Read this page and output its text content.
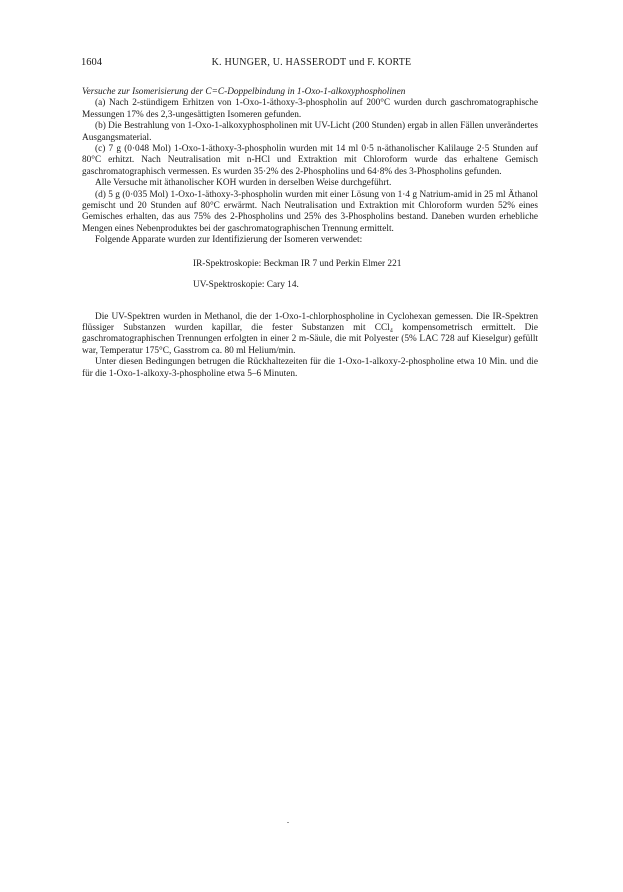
1604	K. HUNGER, U. HASSERODT und F. KORTE

Versuche zur Isomerisierung der C=C-Doppelbindung in 1-Oxo-1-alkoxyphospholinen

(a) Nach 2-stündigem Erhitzen von 1-Oxo-1-äthoxy-3-phospholin auf 200°C wurden durch gaschromatographische Messungen 17% des 2,3-ungesättigten Isomeren gefunden.

(b) Die Bestrahlung von 1-Oxo-1-alkoxyphospholinen mit UV-Licht (200 Stunden) ergab in allen Fällen unverändertes Ausgangsmaterial.

(c) 7 g (0·048 Mol) 1-Oxo-1-äthoxy-3-phospholin wurden mit 14 ml 0·5 n-äthanolischer Kalilauge 2·5 Stunden auf 80°C erhitzt. Nach Neutralisation mit n-HCl und Extraktion mit Chloroform wurde das erhaltene Gemisch gaschromatographisch vermessen. Es wurden 35·2% des 2-Phospholins und 64·8% des 3-Phospholins gefunden.

Alle Versuche mit äthanolischer KOH wurden in derselben Weise durchgeführt.

(d) 5 g (0·035 Mol) 1-Oxo-1-äthoxy-3-phospholin wurden mit einer Lösung von 1·4 g Natrium-amid in 25 ml Äthanol gemischt und 20 Stunden auf 80°C erwärmt. Nach Neutralisation und Extraktion mit Chloroform wurden 52% eines Gemisches erhalten, das aus 75% des 2-Phospholins und 25% des 3-Phospholins bestand. Daneben wurden erhebliche Mengen eines Nebenproduktes bei der gaschromatographischen Trennung ermittelt.

Folgende Apparate wurden zur Identifizierung der Isomeren verwendet:

IR-Spektroskopie: Beckman IR 7 und Perkin Elmer 221
UV-Spektroskopie: Cary 14.

Die UV-Spektren wurden in Methanol, die der 1-Oxo-1-chlorphospholine in Cyclohexan gemessen. Die IR-Spektren flüssiger Substanzen wurden kapillar, die fester Substanzen mit CCl₄ kompensometrisch ermittelt. Die gaschromatographischen Trennungen erfolgten in einer 2 m-Säule, die mit Polyester (5% LAC 728 auf Kieselgur) gefüllt war, Temperatur 175°C, Gasstrom ca. 80 ml Helium/min.

Unter diesen Bedingungen betrugen die Rückhaltezeiten für die 1-Oxo-1-alkoxy-2-phospholine etwa 10 Min. und die für die 1-Oxo-1-alkoxy-3-phospholine etwa 5–6 Minuten.
